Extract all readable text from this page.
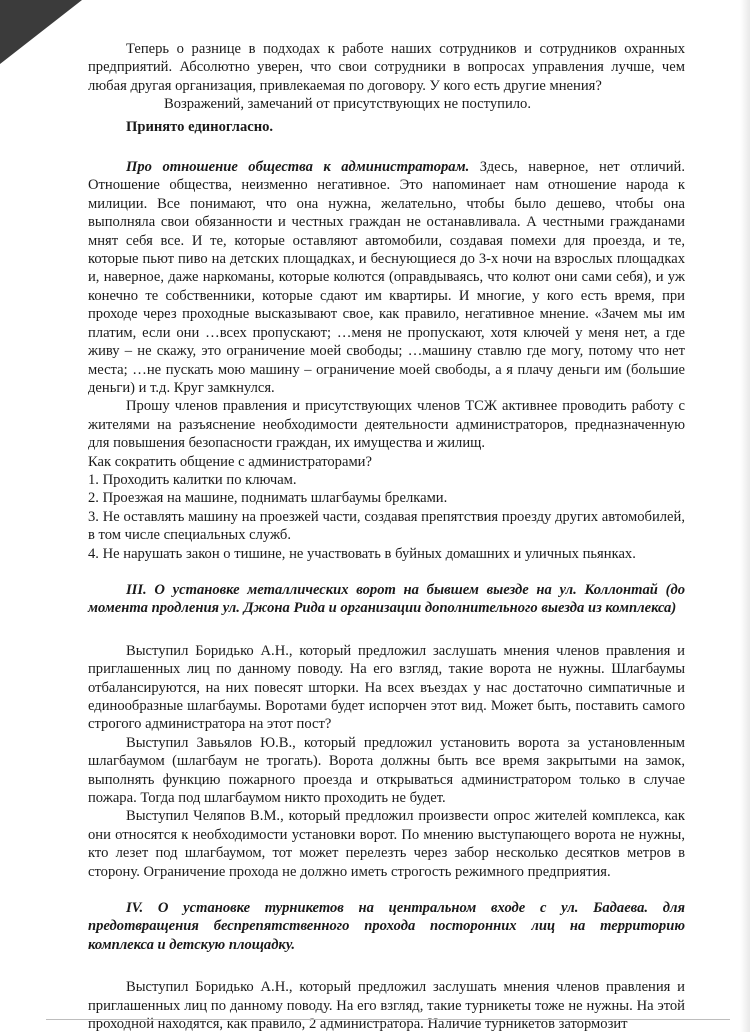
Теперь о разнице в подходах к работе наших сотрудников и сотрудников охранных предприятий. Абсолютно уверен, что свои сотрудники в вопросах управления лучше, чем любая другая организация, привлекаемая по договору. У кого есть другие мнения?

Возражений, замечаний от присутствующих не поступило.

Принято единогласно.

Про отношение общества к администраторам. Здесь, наверное, нет отличий. Отношение общества, неизменно негативное. Это напоминает нам отношение народа к милиции. Все понимают, что она нужна, желательно, чтобы было дешево, чтобы она выполняла свои обязанности и честных граждан не останавливала. А честными гражданами мнят себя все. И те, которые оставляют автомобили, создавая помехи для проезда, и те, которые пьют пиво на детских площадках, и беснующиеся до 3-х ночи на взрослых площадках и, наверное, даже наркоманы, которые колются (оправдываясь, что колют они сами себя), и уж конечно те собственники, которые сдают им квартиры. И многие, у кого есть время, при проходе через проходные высказывают свое, как правило, негативное мнение. «Зачем мы им платим, если они …всех пропускают; …меня не пропускают, хотя ключей у меня нет, а где живу – не скажу, это ограничение моей свободы; …машину ставлю где могу, потому что нет места; …не пускать мою машину – ограничение моей свободы, а я плачу деньги им (большие деньги) и т.д. Круг замкнулся.

Прошу членов правления и присутствующих членов ТСЖ активнее проводить работу с жителями на разъяснение необходимости деятельности администраторов, предназначенную для повышения безопасности граждан, их имущества и жилищ.

Как сократить общение с администраторами?

1. Проходить калитки по ключам.

2. Проезжая на машине, поднимать шлагбаумы брелками.

3. Не оставлять машину на проезжей части, создавая препятствия проезду других автомобилей, в том числе специальных служб.

4. Не нарушать закон о тишине, не участвовать в буйных домашних и уличных пьянках.

III. О установке металлических ворот на бывшем выезде на ул. Коллонтай (до момента продления ул. Джона Рида и организации дополнительного выезда из комплекса)

Выступил Боридько А.Н., который предложил заслушать мнения членов правления и приглашенных лиц по данному поводу. На его взгляд, такие ворота не нужны. Шлагбаумы отбалансируются, на них повесят шторки. На всех въездах у нас достаточно симпатичные и единообразные шлагбаумы. Воротами будет испорчен этот вид. Может быть, поставить самого строгого администратора на этот пост?

Выступил Завьялов Ю.В., который предложил установить ворота за установленным шлагбаумом (шлагбаум не трогать). Ворота должны быть все время закрытыми на замок, выполнять функцию пожарного проезда и открываться администратором только в случае пожара. Тогда под шлагбаумом никто проходить не будет.

Выступил Челяпов В.М., который предложил произвести опрос жителей комплекса, как они относятся к необходимости установки ворот. По мнению выступающего ворота не нужны, кто лезет под шлагбаумом, тот может перелезть через забор несколько десятков метров в сторону. Ограничение прохода не должно иметь строгость режимного предприятия.

IV. О установке турникетов на центральном входе с ул. Бадаева. для предотвращения беспрепятственного прохода посторонних лиц на территорию комплекса и детскую площадку.

Выступил Боридько А.Н., который предложил заслушать мнения членов правления и приглашенных лиц по данному поводу. На его взгляд, такие турникеты тоже не нужны. На этой проходной находятся, как правило, 2 администратора. Наличие турникетов затормозит
